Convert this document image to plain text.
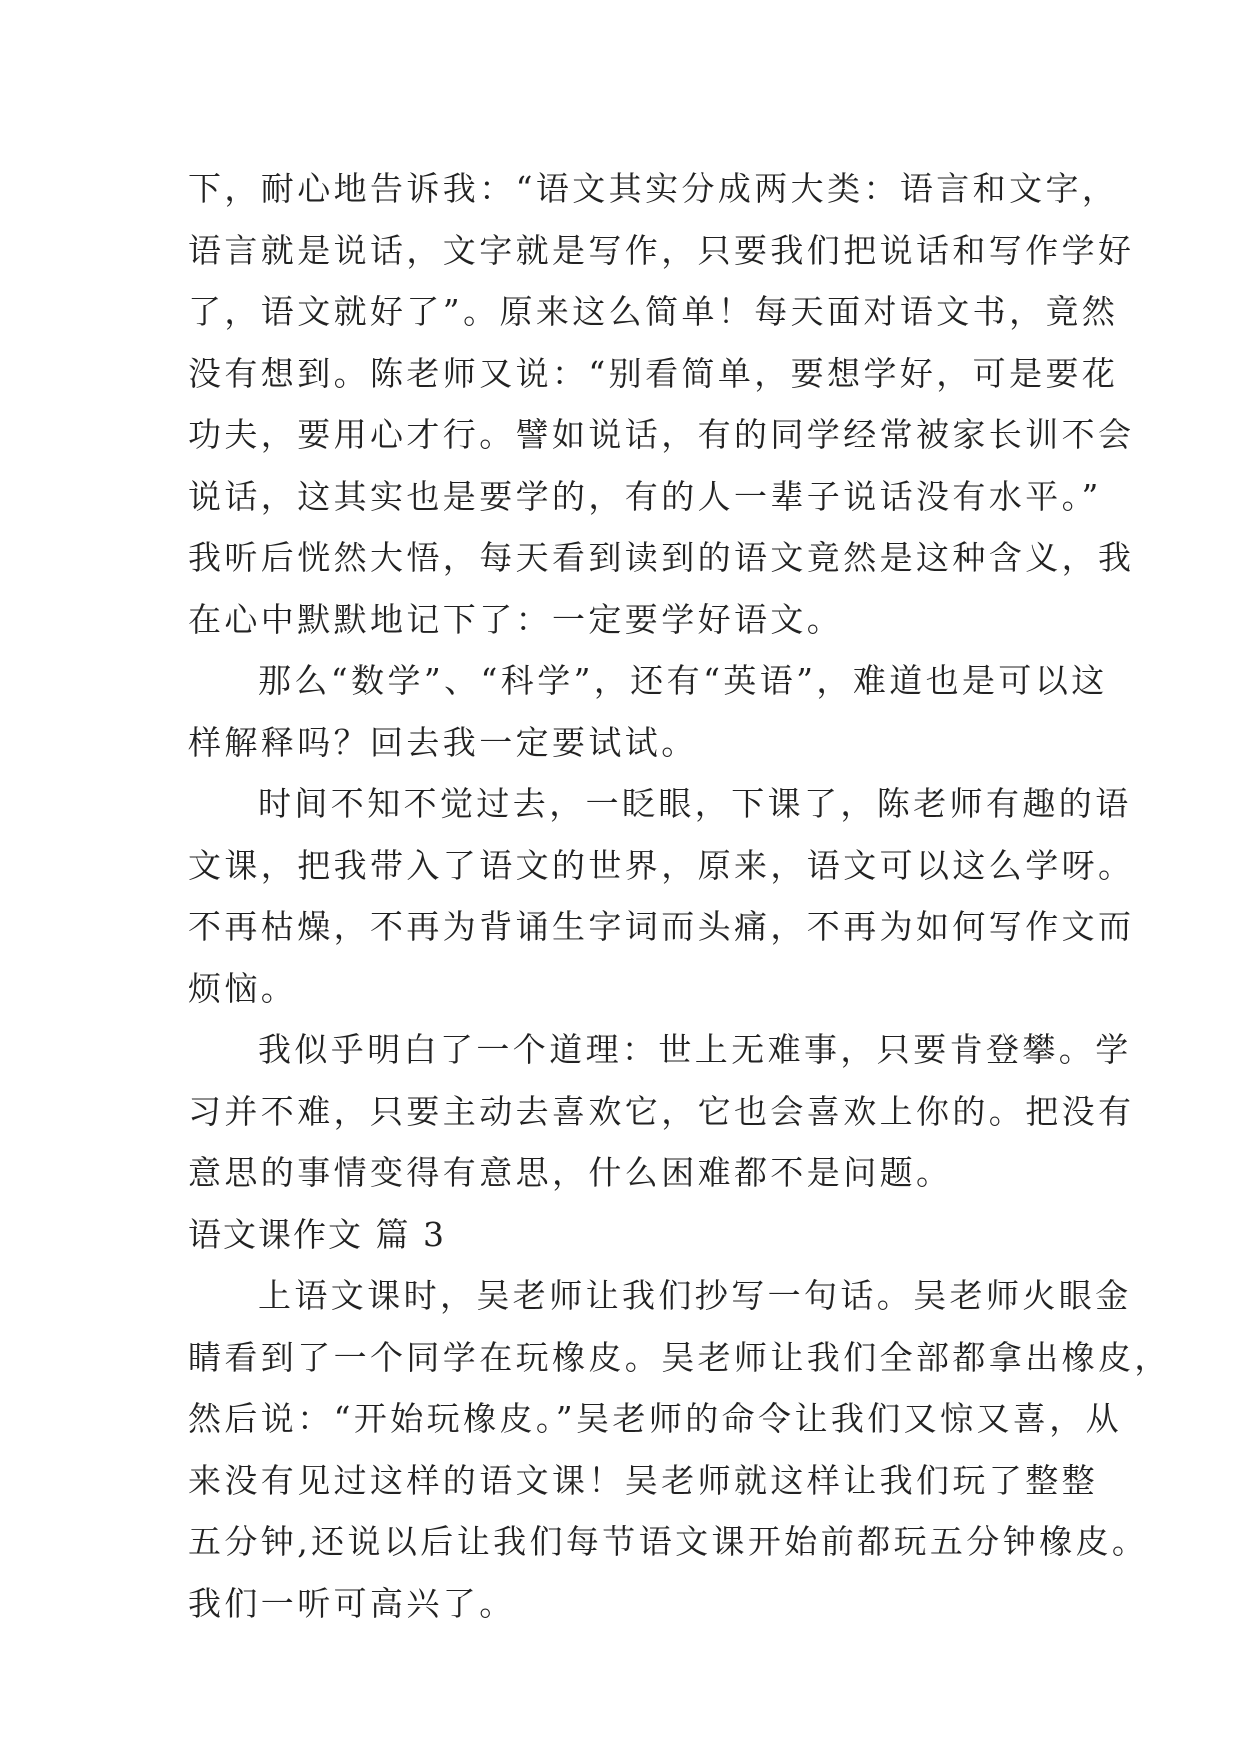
下，耐心地告诉我：“语文其实分成两大类：语言和文字，
语言就是说话，文字就是写作，只要我们把说话和写作学好
了，语文就好了”。原来这么简单！每天面对语文书，竟然
没有想到。陈老师又说：“别看简单，要想学好，可是要花
功夫，要用心才行。譬如说话，有的同学经常被家长训不会
说话，这其实也是要学的，有的人一辈子说话没有水平。”
我听后恍然大悟，每天看到读到的语文竟然是这种含义，我
在心中默默地记下了：一定要学好语文。
那么“数学”、“科学”，还有“英语”，难道也是可以这
样解释吗？回去我一定要试试。
时间不知不觉过去，一眨眼，下课了，陈老师有趣的语
文课，把我带入了语文的世界，原来，语文可以这么学呀。
不再枯燥，不再为背诵生字词而头痛，不再为如何写作文而
烦恼。
我似乎明白了一个道理：世上无难事，只要肯登攀。学
习并不难，只要主动去喜欢它，它也会喜欢上你的。把没有
意思的事情变得有意思，什么困难都不是问题。
语文课作文 篇 3
上语文课时，吴老师让我们抄写一句话。吴老师火眼金
睛看到了一个同学在玩橡皮。吴老师让我们全部都拿出橡皮，
然后说：“开始玩橡皮。”吴老师的命令让我们又惊又喜，从
来没有见过这样的语文课！吴老师就这样让我们玩了整整
五分钟,还说以后让我们每节语文课开始前都玩五分钟橡皮。
我们一听可高兴了。
